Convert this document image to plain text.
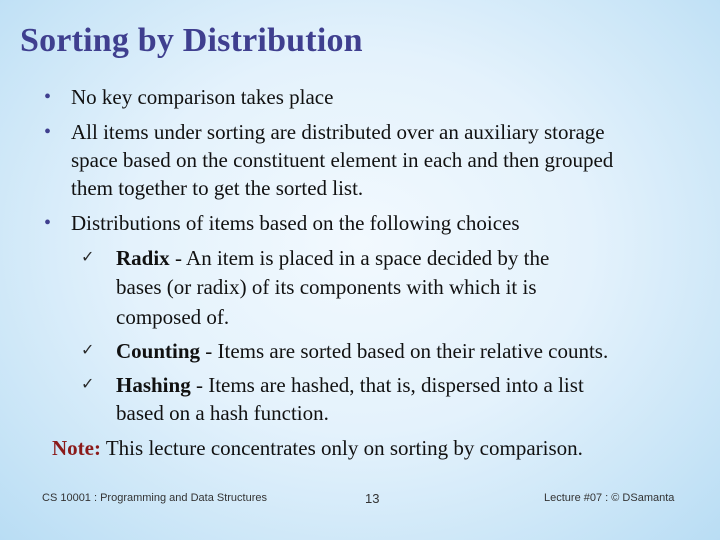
Sorting by Distribution
• No key comparison takes place
• All items under sorting are distributed over an auxiliary storage
space based on the constituent element in each and then grouped
them together to get the sorted list.
• Distributions of items based on the following choices
✓ Radix - An item is placed in a space decided by the
bases (or radix) of its components with which it is
composed of.
✓ Counting - Items are sorted based on their relative counts.
✓ Hashing - Items are hashed, that is, dispersed into a list
based on a hash function.
Note: This lecture concentrates only on sorting by comparison.
CS 10001 : Programming and Data Structures	13	Lecture #07 : © DSamanta
